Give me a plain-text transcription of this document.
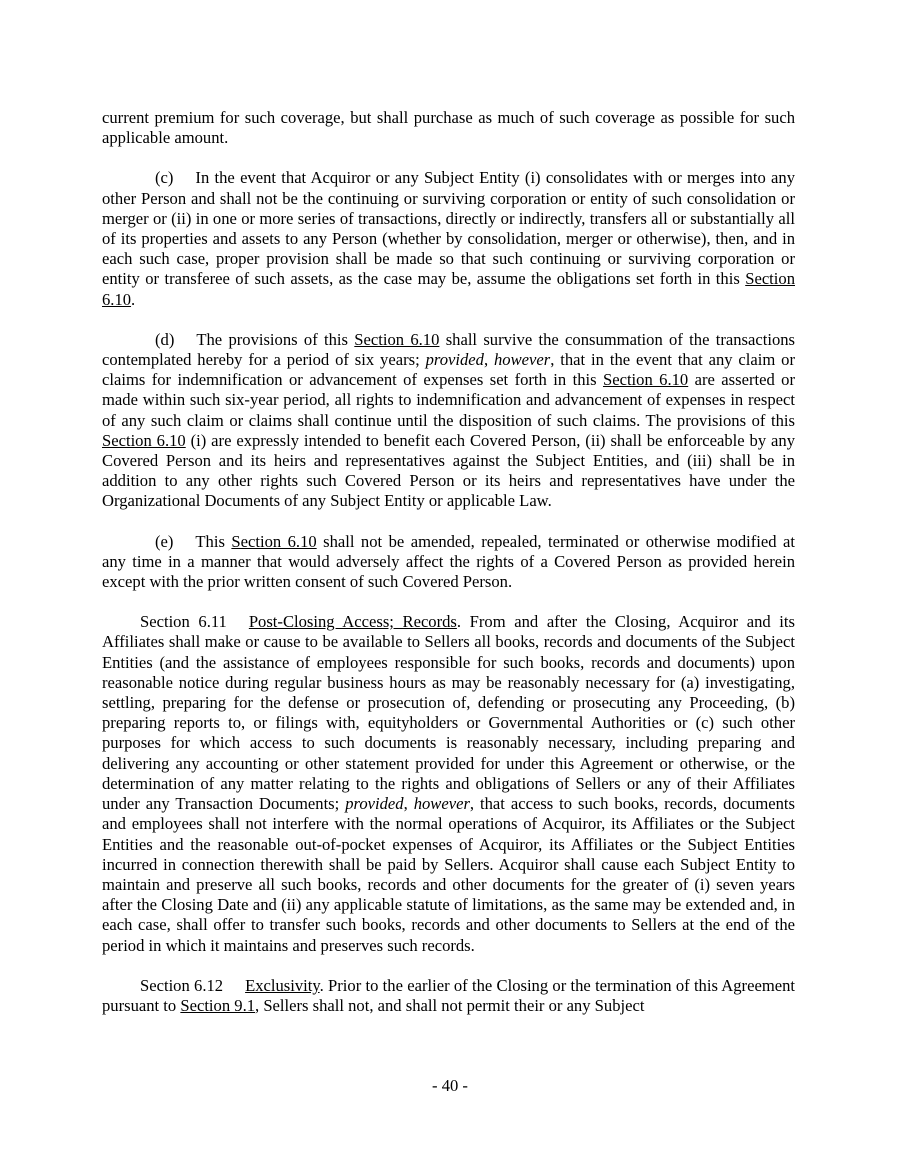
current premium for such coverage, but shall purchase as much of such coverage as possible for such applicable amount.

(c) In the event that Acquiror or any Subject Entity (i) consolidates with or merges into any other Person and shall not be the continuing or surviving corporation or entity of such consolidation or merger or (ii) in one or more series of transactions, directly or indirectly, transfers all or substantially all of its properties and assets to any Person (whether by consolidation, merger or otherwise), then, and in each such case, proper provision shall be made so that such continuing or surviving corporation or entity or transferee of such assets, as the case may be, assume the obligations set forth in this Section 6.10.

(d) The provisions of this Section 6.10 shall survive the consummation of the transactions contemplated hereby for a period of six years; provided, however, that in the event that any claim or claims for indemnification or advancement of expenses set forth in this Section 6.10 are asserted or made within such six-year period, all rights to indemnification and advancement of expenses in respect of any such claim or claims shall continue until the disposition of such claims. The provisions of this Section 6.10 (i) are expressly intended to benefit each Covered Person, (ii) shall be enforceable by any Covered Person and its heirs and representatives against the Subject Entities, and (iii) shall be in addition to any other rights such Covered Person or its heirs and representatives have under the Organizational Documents of any Subject Entity or applicable Law.

(e) This Section 6.10 shall not be amended, repealed, terminated or otherwise modified at any time in a manner that would adversely affect the rights of a Covered Person as provided herein except with the prior written consent of such Covered Person.

Section 6.11 Post-Closing Access; Records. From and after the Closing, Acquiror and its Affiliates shall make or cause to be available to Sellers all books, records and documents of the Subject Entities (and the assistance of employees responsible for such books, records and documents) upon reasonable notice during regular business hours as may be reasonably necessary for (a) investigating, settling, preparing for the defense or prosecution of, defending or prosecuting any Proceeding, (b) preparing reports to, or filings with, equityholders or Governmental Authorities or (c) such other purposes for which access to such documents is reasonably necessary, including preparing and delivering any accounting or other statement provided for under this Agreement or otherwise, or the determination of any matter relating to the rights and obligations of Sellers or any of their Affiliates under any Transaction Documents; provided, however, that access to such books, records, documents and employees shall not interfere with the normal operations of Acquiror, its Affiliates or the Subject Entities and the reasonable out-of-pocket expenses of Acquiror, its Affiliates or the Subject Entities incurred in connection therewith shall be paid by Sellers. Acquiror shall cause each Subject Entity to maintain and preserve all such books, records and other documents for the greater of (i) seven years after the Closing Date and (ii) any applicable statute of limitations, as the same may be extended and, in each case, shall offer to transfer such books, records and other documents to Sellers at the end of the period in which it maintains and preserves such records.

Section 6.12 Exclusivity. Prior to the earlier of the Closing or the termination of this Agreement pursuant to Section 9.1, Sellers shall not, and shall not permit their or any Subject

- 40 -
